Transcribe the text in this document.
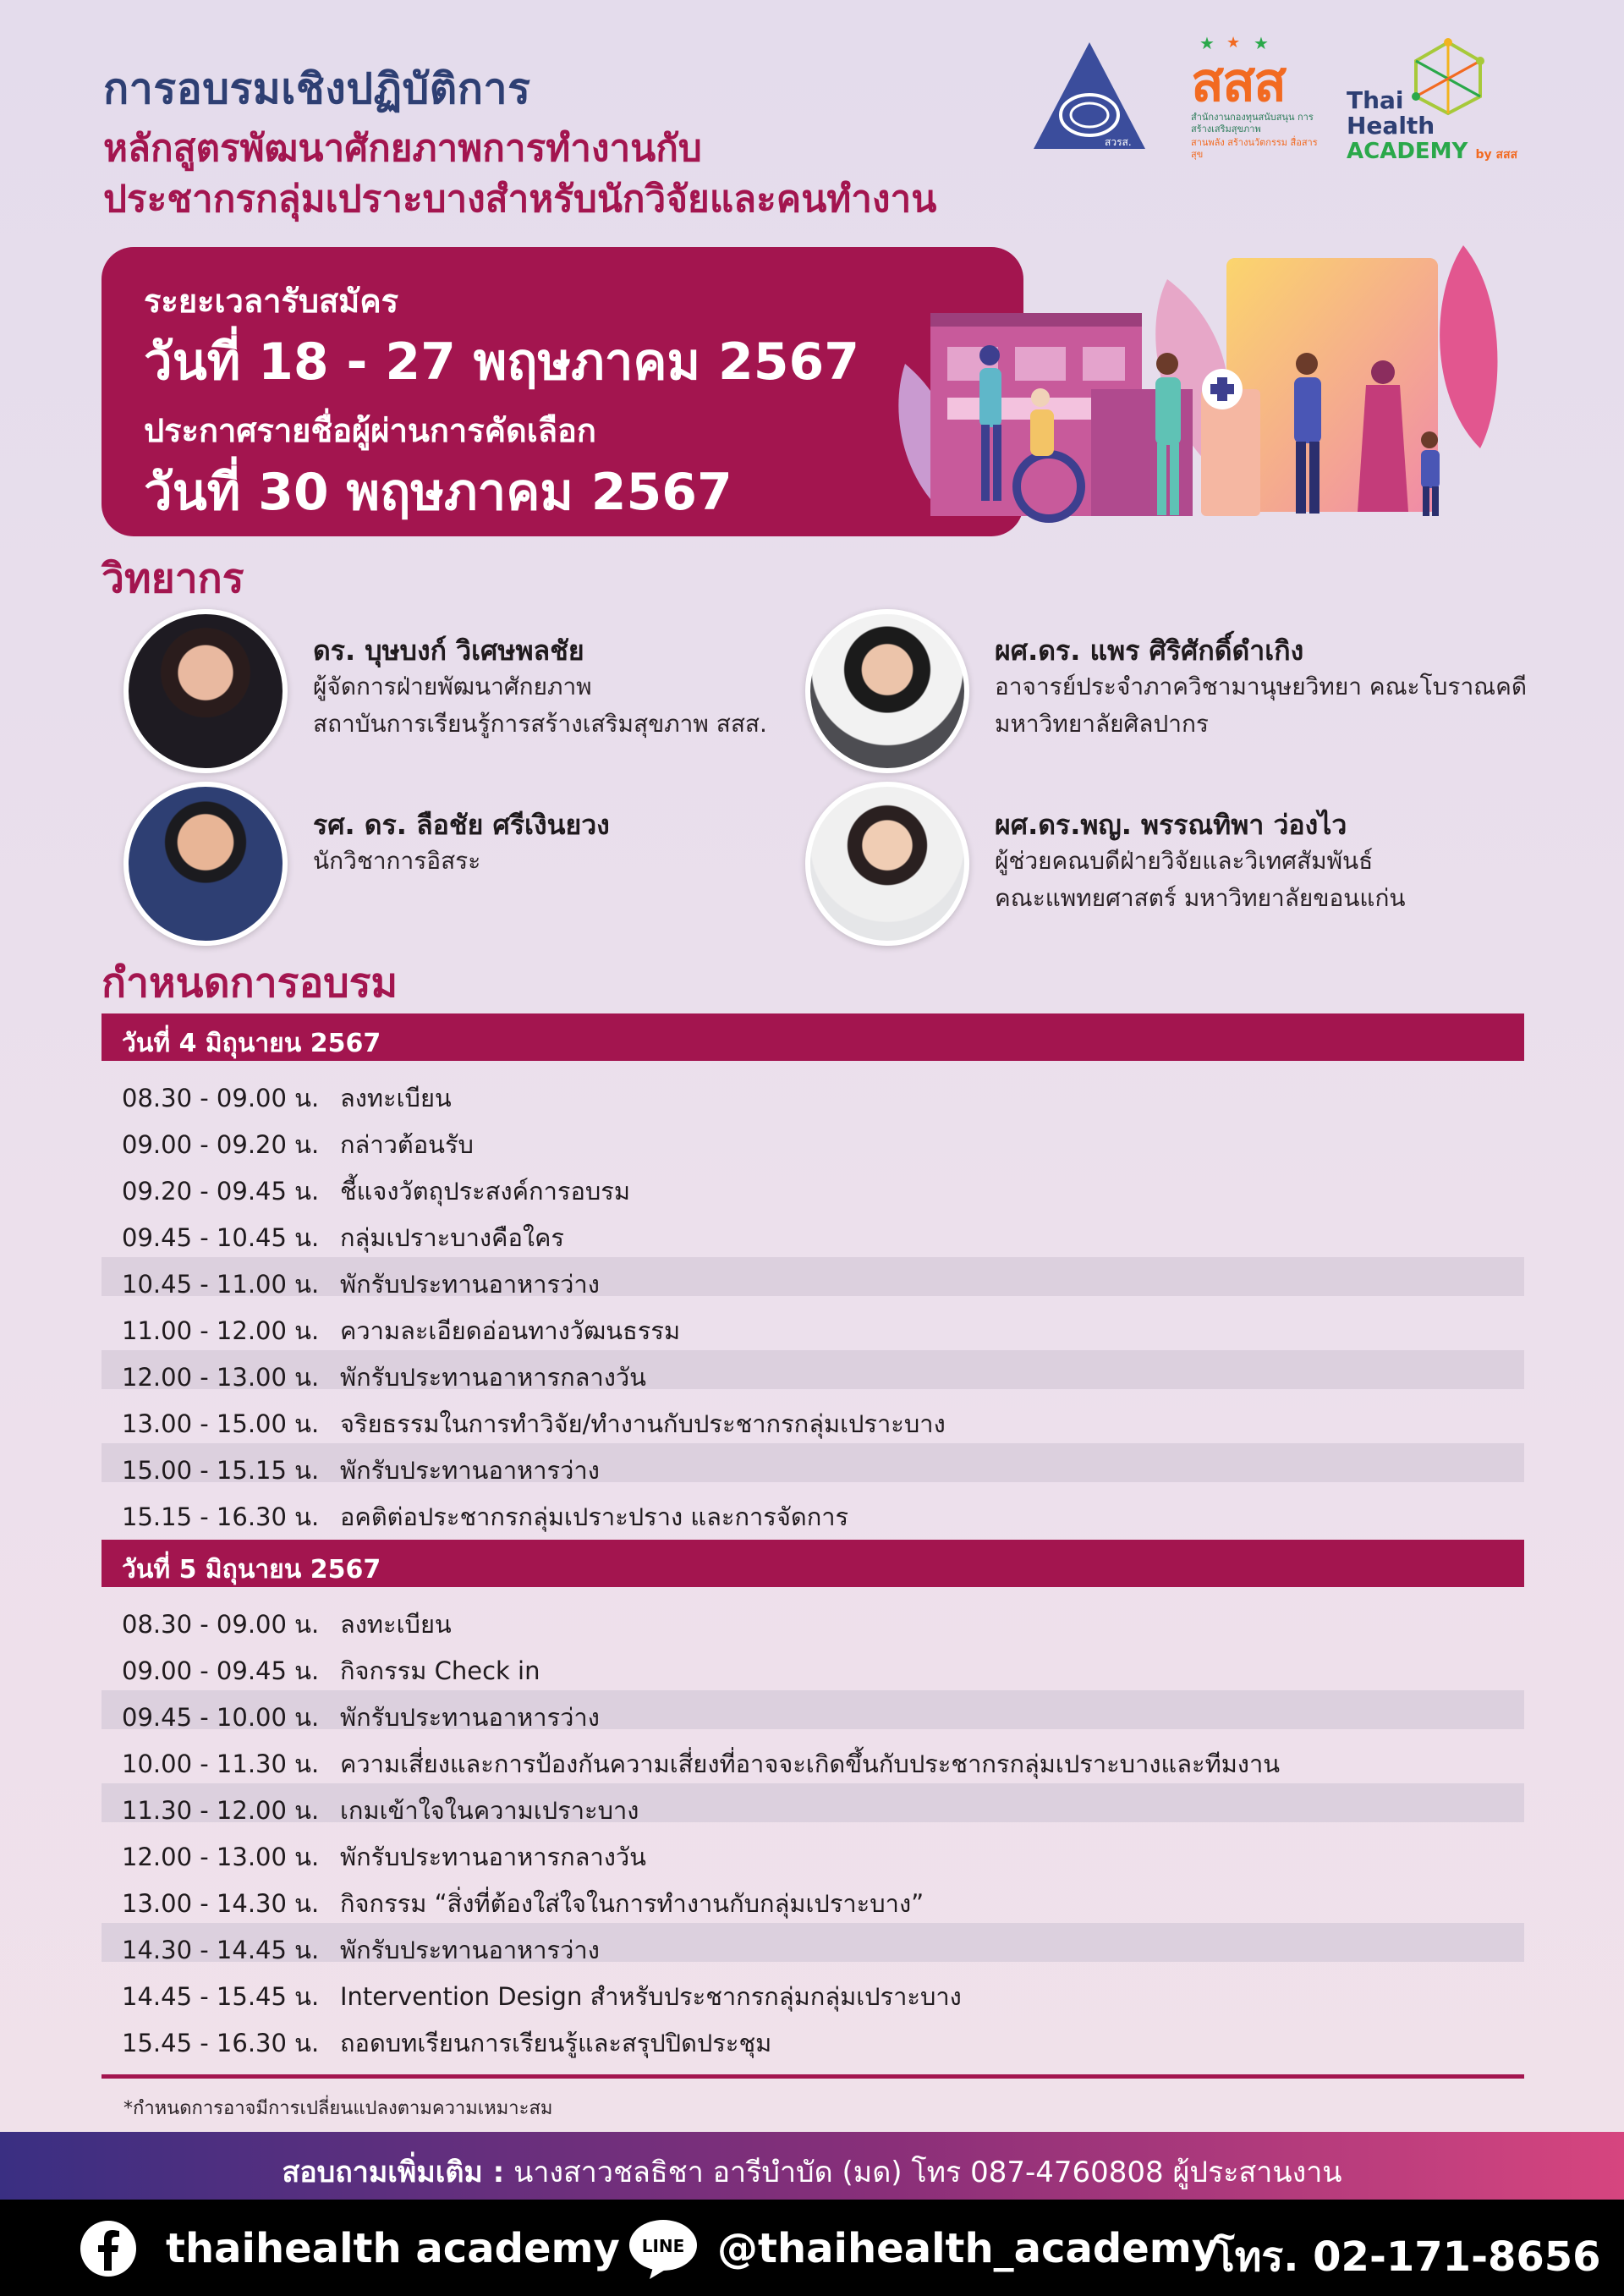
การอบรมเชิงปฏิบัติการ
หลักสูตรพัฒนาศักยภาพการทำงานกับ
ประชากรกลุ่มเปราะบางสำหรับนักวิจัยและคนทำงาน
สวรส.
★ ★ ★
สสส
สำนักงานกองทุนสนับสนุน การสร้างเสริมสุขภาพ
สานพลัง สร้างนวัตกรรม สื่อสารสุข
Thai
Health
ACADEMY by สสส
ระยะเวลารับสมัคร
วันที่ 18 - 27 พฤษภาคม 2567
ประกาศรายชื่อผู้ผ่านการคัดเลือก
วันที่ 30 พฤษภาคม 2567
วิทยากร
ดร. บุษบงก์ วิเศษพลชัย
ผู้จัดการฝ่ายพัฒนาศักยภาพ
สถาบันการเรียนรู้การสร้างเสริมสุขภาพ สสส.
ผศ.ดร. แพร ศิริศักดิ์ดำเกิง
อาจารย์ประจำภาควิชามานุษยวิทยา คณะโบราณคดี
มหาวิทยาลัยศิลปากร
รศ. ดร. ลือชัย ศรีเงินยวง
นักวิชาการอิสระ
ผศ.ดร.พญ. พรรณทิพา ว่องไว
ผู้ช่วยคณบดีฝ่ายวิจัยและวิเทศสัมพันธ์
คณะแพทยศาสตร์ มหาวิทยาลัยขอนแก่น
กำหนดการอบรม
วันที่ 4 มิถุนายน 2567
08.30 - 09.00 น. ลงทะเบียน
09.00 - 09.20 น. กล่าวต้อนรับ
09.20 - 09.45 น. ชี้แจงวัตถุประสงค์การอบรม
09.45 - 10.45 น. กลุ่มเปราะบางคือใคร
10.45 - 11.00 น. พักรับประทานอาหารว่าง
11.00 - 12.00 น. ความละเอียดอ่อนทางวัฒนธรรม
12.00 - 13.00 น. พักรับประทานอาหารกลางวัน
13.00 - 15.00 น. จริยธรรมในการทำวิจัย/ทำงานกับประชากรกลุ่มเปราะบาง
15.00 - 15.15 น. พักรับประทานอาหารว่าง
15.15 - 16.30 น. อคติต่อประชากรกลุ่มเปราะปราง และการจัดการ
วันที่ 5 มิถุนายน 2567
08.30 - 09.00 น. ลงทะเบียน
09.00 - 09.45 น. กิจกรรม Check in
09.45 - 10.00 น. พักรับประทานอาหารว่าง
10.00 - 11.30 น. ความเสี่ยงและการป้องกันความเสี่ยงที่อาจจะเกิดขึ้นกับประชากรกลุ่มเปราะบางและทีมงาน
11.30 - 12.00 น. เกมเข้าใจในความเปราะบาง
12.00 - 13.00 น. พักรับประทานอาหารกลางวัน
13.00 - 14.30 น. กิจกรรม “สิ่งที่ต้องใส่ใจในการทำงานกับกลุ่มเปราะบาง”
14.30 - 14.45 น. พักรับประทานอาหารว่าง
14.45 - 15.45 น. Intervention Design สำหรับประชากรกลุ่มกลุ่มเปราะบาง
15.45 - 16.30 น. ถอดบทเรียนการเรียนรู้และสรุปปิดประชุม
*กำหนดการอาจมีการเปลี่ยนแปลงตามความเหมาะสม
สอบถามเพิ่มเติม : นางสาวชลธิชา อารีบำบัด (มด) โทร 087-4760808 ผู้ประสานงาน
thaihealth academy LINE @thaihealth_academy
โทร. 02-171-8656
